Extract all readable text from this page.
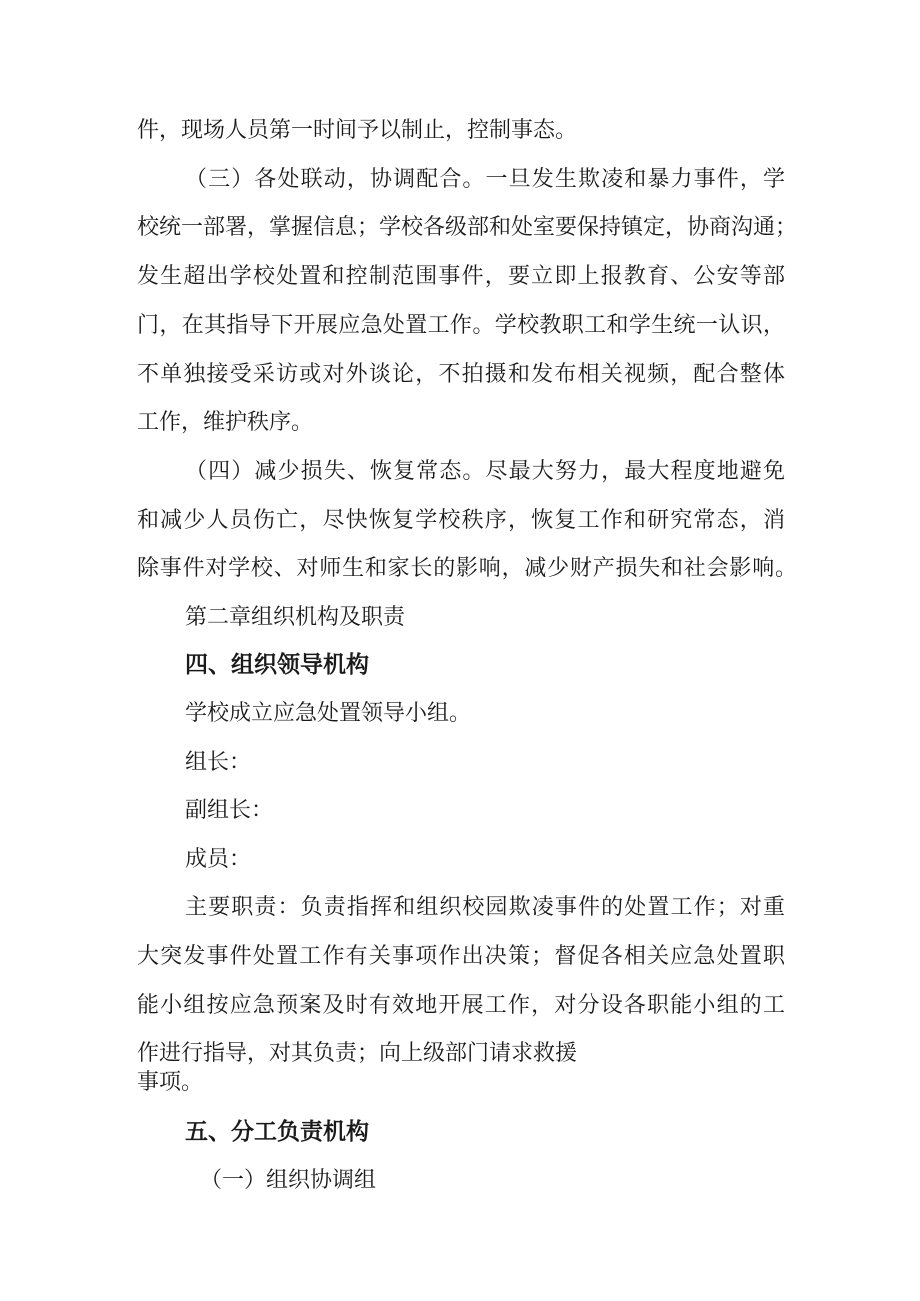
件，现场人员第一时间予以制止，控制事态。
（三）各处联动，协调配合。一旦发生欺凌和暴力事件，学
校统一部署，掌握信息；学校各级部和处室要保持镇定，协商沟通；
发生超出学校处置和控制范围事件，要立即上报教育、公安等部
门，在其指导下开展应急处置工作。学校教职工和学生统一认识，
不单独接受采访或对外谈论，不拍摄和发布相关视频，配合整体
工作，维护秩序。
（四）减少损失、恢复常态。尽最大努力，最大程度地避免
和减少人员伤亡，尽快恢复学校秩序，恢复工作和研究常态，消
除事件对学校、对师生和家长的影响，减少财产损失和社会影响。
第二章组织机构及职责
四、组织领导机构
学校成立应急处置领导小组。
组长：
副组长：
成员：
主要职责：负责指挥和组织校园欺凌事件的处置工作；对重
大突发事件处置工作有关事项作出决策；督促各相关应急处置职
能小组按应急预案及时有效地开展工作，对分设各职能小组的工
作进行指导，对其负责；向上级部门请求救援
事项。
五、分工负责机构
（一）组织协调组
